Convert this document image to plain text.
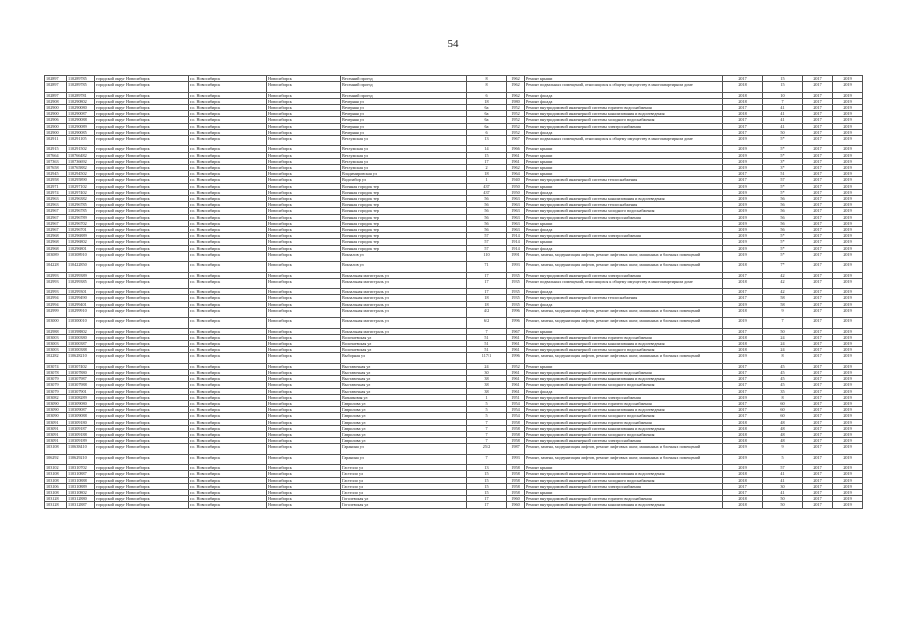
54
102897	110289785	городской округ Новосибирск	г.о. Новосибирск	Новосибирск	Весенний проезд	8	1962	Ремонт крыши	2017	15	2017	2019
102897	110289785	городской округ Новосибирск	г.о. Новосибирск	Новосибирск	Весенний проезд	8	1962	Ремонт подвальных помещений, относящихся к общему имуществу в многоквартирном доме	2018	15	2017	2019
102897	110289781	городской округ Новосибирск	г.о. Новосибирск	Новосибирск	Весенний проезд	6	1962	Ремонт фасада	2018	10	2017	2019
102908	110290802	городской округ Новосибирск	г.о. Новосибирск	Новосибирск	Вечерняя ул	18	1980	Ремонт фасада	2018	7	2017	2019
102900	110290080	городской округ Новосибирск	г.о. Новосибирск	Новосибирск	Вечерняя ул	6а	1952	Ремонт внутридомовой инженерной системы горячего водоснабжения	2017	41	2017	2019
102900	110290087	городской округ Новосибирск	г.о. Новосибирск	Новосибирск	Вечерняя ул	6а	1952	Ремонт внутридомовой инженерной системы канализования и водоотведения	2018	41	2017	2019
102906	110290088	городской округ Новосибирск	г.о. Новосибирск	Новосибирск	Вечерняя ул	6а	1952	Ремонт внутридомовой инженерной системы холодного водоснабжения	2017	41	2017	2019
102900	110290089	городской округ Новосибирск	г.о. Новосибирск	Новосибирск	Вечерняя ул	6а	1952	Ремонт внутридомовой инженерной системы электроснабжения	2017	41	2017	2019
102900	110290085	городской округ Новосибирск	г.о. Новосибирск	Новосибирск	Вечерняя ул	6	1952	Ремонт фасада	2017	50	2017	2019
102911	110291105	городской округ Новосибирск	г.о. Новосибирск	Новосибирск	Ветлужская ул	13	1967	Ремонт подвальных помещений, относящихся к общему имуществу в многоквартирном доме	2019	5*	2017	2019
102915	110291502	городской округ Новосибирск	г.о. Новосибирск	Новосибирск	Ветлужская ул	14	1966	Ремонт крыши	2019	5*	2017	2019
107664	110766482	городской округ Новосибирск	г.о. Новосибирск	Новосибирск	Ветлужская ул	15	1961	Ремонт крыши	2019	5*	2017	2019
107363	110736692	городской округ Новосибирск	г.о. Новосибирск	Новосибирск	Ветлужская ул	17	1961	Ремонт крыши	2019	3*	2017	2019
107658	110765882	городской округ Новосибирск	г.о. Новосибирск	Новосибирск	Ветлужская ул	2	1962	Ремонт крыши	2019	3*	2017	2019
102945	110294502	городской округ Новосибирск	г.о. Новосибирск	Новосибирск	Владимировская ул	18	1964	Ремонт крыши	2017	51	2017	2019
102958	110295890	городской округ Новосибирск	г.о. Новосибирск	Новосибирск	Водозабор ул	1	1940	Ремонт внутридомовой инженерной системы теплоснабжения	2017	57	2017	2019
102971	110297102	городской округ Новосибирск	г.о. Новосибирск	Новосибирск	Военная городок тер	437	1950	Ремонт крыши	2019	5*	2017	2019
102974	110297402	городской округ Новосибирск	г.о. Новосибирск	Новосибирск	Военная городок тер	437	1950	Ремонт фасада	2019	5*	2017	2019
102963	110296382	городской округ Новосибирск	г.о. Новосибирск	Новосибирск	Военная городок тер	56	1963	Ремонт внутридомовой инженерной системы канализования и водоотведения	2019	56	2017	2019
102963	110296785	городской округ Новосибирск	г.о. Новосибирск	Новосибирск	Военная городок тер	56	1963	Ремонт внутридомовой инженерной системы теплоснабжения	2019	56	2017	2019
102967	110296785	городской округ Новосибирск	г.о. Новосибирск	Новосибирск	Военная городок тер	56	1963	Ремонт внутридомовой инженерной системы холодного водоснабжения	2019	56	2017	2019
102967	110296789	городской округ Новосибирск	г.о. Новосибирск	Новосибирск	Военная городок тер	56	1963	Ремонт внутридомовой инженерной системы электроснабжения	2019	56	2017	2019
102967	110296702	городской округ Новосибирск	г.о. Новосибирск	Новосибирск	Военная городок тер	56	1963	Ремонт крыши	2019	56	2017	2019
102967	110296701	городской округ Новосибирск	г.о. Новосибирск	Новосибирск	Военная городок тер	56	1963	Ремонт фасада	2019	56	2017	2019
102968	110296889	городской округ Новосибирск	г.о. Новосибирск	Новосибирск	Военная городок тер	57	1914	Ремонт внутридомовой инженерной системы электроснабжения	2019	5*	2017	2019
102968	110296802	городской округ Новосибирск	г.о. Новосибирск	Новосибирск	Военная городок тер	57	1914	Ремонт крыши	2019	5*	2017	2019
102968	110296801	городской округ Новосибирск	г.о. Новосибирск	Новосибирск	Военная городок тер	57	1914	Ремонт фасада	2019	5*	2017	2019
103089	110308910	городской округ Новосибирск	г.о. Новосибирск	Новосибирск	Вокзалов ул	110	1991	Ремонт, замена, модернизация лифтов, ремонт лифтовых шахт, машинных и блочных помещений	2019	5*	2017	2019
104228	110422850	городской округ Новосибирск	г.о. Новосибирск	Новосибирск	Вокзалов ул	71	1993	Ремонт, замена, модернизация лифтов, ремонт лифтовых шахт, машинных и блочных помещений	2018	7*	2017	2019
102993	110299389	городской округ Новосибирск	г.о. Новосибирск	Новосибирск	Вокзальная магистраль ул	17	1935	Ремонт внутридомовой инженерной системы электроснабжения	2017	42	2017	2019
102993	110299385	городской округ Новосибирск	г.о. Новосибирск	Новосибирск	Вокзальная магистраль ул	17	1935	Ремонт подвальных помещений, относящихся к общему имуществу в многоквартирном доме	2018	42	2017	2019
102993	110299301	городской округ Новосибирск	г.о. Новосибирск	Новосибирск	Вокзальная магистраль ул	17	1935	Ремонт фасада	2017	42	2017	2019
102994	110299490	городской округ Новосибирск	г.о. Новосибирск	Новосибирск	Вокзальная магистраль ул	18	1935	Ремонт внутридомовой инженерной системы теплоснабжения	2017	58	2017	2019
102994	110299401	городской округ Новосибирск	г.о. Новосибирск	Новосибирск	Вокзальная магистраль ул	18	1935	Ремонт фасада	2019	58	2017	2019
102999	110299910	городской округ Новосибирск	г.о. Новосибирск	Новосибирск	Вокзальная магистраль ул	4/2	1996	Ремонт, замена, модернизация лифтов, ремонт лифтовых шахт, машинных и блочных помещений	2018	9	2017	2019
103000	110300010	городской округ Новосибирск	г.о. Новосибирск	Новосибирск	Вокзальная магистраль ул	6/2	1996	Ремонт, замена, модернизация лифтов, ремонт лифтовых шахт, машинных и блочных помещений	2019	7	2017	2019
102988	110398802	городской округ Новосибирск	г.о. Новосибирск	Новосибирск	Вокзальная магистраль ул	7	1967	Ремонт крыши	2017	50	2017	2019
103003	110300380	городской округ Новосибирск	г.о. Новосибирск	Новосибирск	Волочаевская ул	51	1961	Ремонт внутридомовой инженерной системы горячего водоснабжения	2018	24	2017	2019
103003	110300387	городской округ Новосибирск	г.о. Новосибирск	Новосибирск	Волочаевская ул	51	1961	Ремонт внутридомовой инженерной системы канализования и водоотведения	2018	24	2017	2019
103003	110300388	городской округ Новосибирск	г.о. Новосибирск	Новосибирск	Волочаевская ул	51	1961	Ремонт внутридомовой инженерной системы холодного водоснабжения	2018	24	2017	2019
102282	110628210	городской округ Новосибирск	г.о. Новосибирск	Новосибирск	Выборная ул	117/1	1996	Ремонт, замена, модернизация лифтов, ремонт лифтовых шахт, машинных и блочных помещений	2019	8	2017	2019
103074	110307402	городской округ Новосибирск	г.о. Новосибирск	Новосибирск	Выставочная ул	24	1952	Ремонт крыши	2017	45	2017	2019
103078	110307880	городской округ Новосибирск	г.о. Новосибирск	Новосибирск	Выставочная ул	30	1961	Ремонт внутридомовой инженерной системы горячего водоснабжения	2017	45	2017	2019
103079	110307987	городской округ Новосибирск	г.о. Новосибирск	Новосибирск	Выставочная ул	38	1961	Ремонт внутридомовой инженерной системы канализования и водоотведения	2017	45	2017	2019
103079	110307988	городской округ Новосибирск	г.о. Новосибирск	Новосибирск	Выставочная ул	38	1961	Ремонт внутридомовой инженерной системы холодного водоснабжения	2017	45	2017	2019
103079	110307901	городской округ Новосибирск	г.о. Новосибирск	Новосибирск	Выставочная ул	38	1961	Ремонт фасада	2017	35	2017	2019
103082	110308289	городской округ Новосибирск	г.о. Новосибирск	Новосибирск	Вязниковая ул	1	1951	Ремонт внутридомовой инженерной системы электроснабжения	2019	8	2017	2019
103090	110309080	городской округ Новосибирск	г.о. Новосибирск	Новосибирск	Гаврилова ул	5	1954	Ремонт внутридомовой инженерной системы горячего водоснабжения	2017	60	2017	2019
103090	110309087	городской округ Новосибирск	г.о. Новосибирск	Новосибирск	Гаврилова ул	5	1954	Ремонт внутридомовой инженерной системы канализования и водоотведения	2017	60	2017	2019
103090	110309088	городской округ Новосибирск	г.о. Новосибирск	Новосибирск	Гаврилова ул	5	1954	Ремонт внутридомовой инженерной системы холодного водоснабжения	2017	60	2017	2019
103091	110309180	городской округ Новосибирск	г.о. Новосибирск	Новосибирск	Гаврилова ул	7	1958	Ремонт внутридомовой инженерной системы горячего водоснабжения	2018	48	2017	2019
103091	110309187	городской округ Новосибирск	г.о. Новосибирск	Новосибирск	Гаврилова ул	7	1958	Ремонт внутридомовой инженерной системы канализования и водоотведения	2018	48	2017	2019
103091	110309188	городской округ Новосибирск	г.о. Новосибирск	Новосибирск	Гаврилова ул	7	1958	Ремонт внутридомовой инженерной системы холодного водоснабжения	2018	48	2017	2019
103091	110309189	городской округ Новосибирск	г.о. Новосибирск	Новосибирск	Гаврилова ул	7	1958	Ремонт внутридомовой инженерной системы электроснабжения	2018	48	2017	2019
103108	110638410	городской округ Новосибирск	г.о. Новосибирск	Новосибирск	Гаранина ул	25/2	1987	Ремонт, замена, модернизация лифтов, ремонт лифтовых шахт, машинных и блочных помещений	2019	9	2017	2019
106292	110629210	городской округ Новосибирск	г.о. Новосибирск	Новосибирск	Гаранина ул	7	1993	Ремонт, замена, модернизация лифтов, ремонт лифтовых шахт, машинных и блочных помещений	2019	5	2017	2019
103102	110310702	городской округ Новосибирск	г.о. Новосибирск	Новосибирск	Гастелло ул	13	1958	Ремонт крыши	2019	57	2017	2019
103108	110310887	городской округ Новосибирск	г.о. Новосибирск	Новосибирск	Гастелло ул	15	1958	Ремонт внутридомовой инженерной системы канализования и водоотведения	2018	41	2017	2019
103108	110310888	городской округ Новосибирск	г.о. Новосибирск	Новосибирск	Гастелло ул	15	1958	Ремонт внутридомовой инженерной системы холодного водоснабжения	2018	41	2017	2019
103106	110310889	городской округ Новосибирск	г.о. Новосибирск	Новосибирск	Гастелло ул	15	1958	Ремонт внутридомовой инженерной системы электроснабжения	2017	30	2017	2019
103108	110310802	городской округ Новосибирск	г.о. Новосибирск	Новосибирск	Гастелло ул	15	1958	Ремонт крыши	2017	41	2017	2019
103128	110312880	городской округ Новосибирск	г.о. Новосибирск	Новосибирск	Гоголевская ул	17	1960	Ремонт внутридомовой инженерной системы горячего водоснабжения	2018	50	2017	2019
103128	110312887	городской округ Новосибирск	г.о. Новосибирск	Новосибирск	Гоголевская ул	17	1960	Ремонт внутридомовой инженерной системы канализования и водоотведения	2018	50	2017	2019
